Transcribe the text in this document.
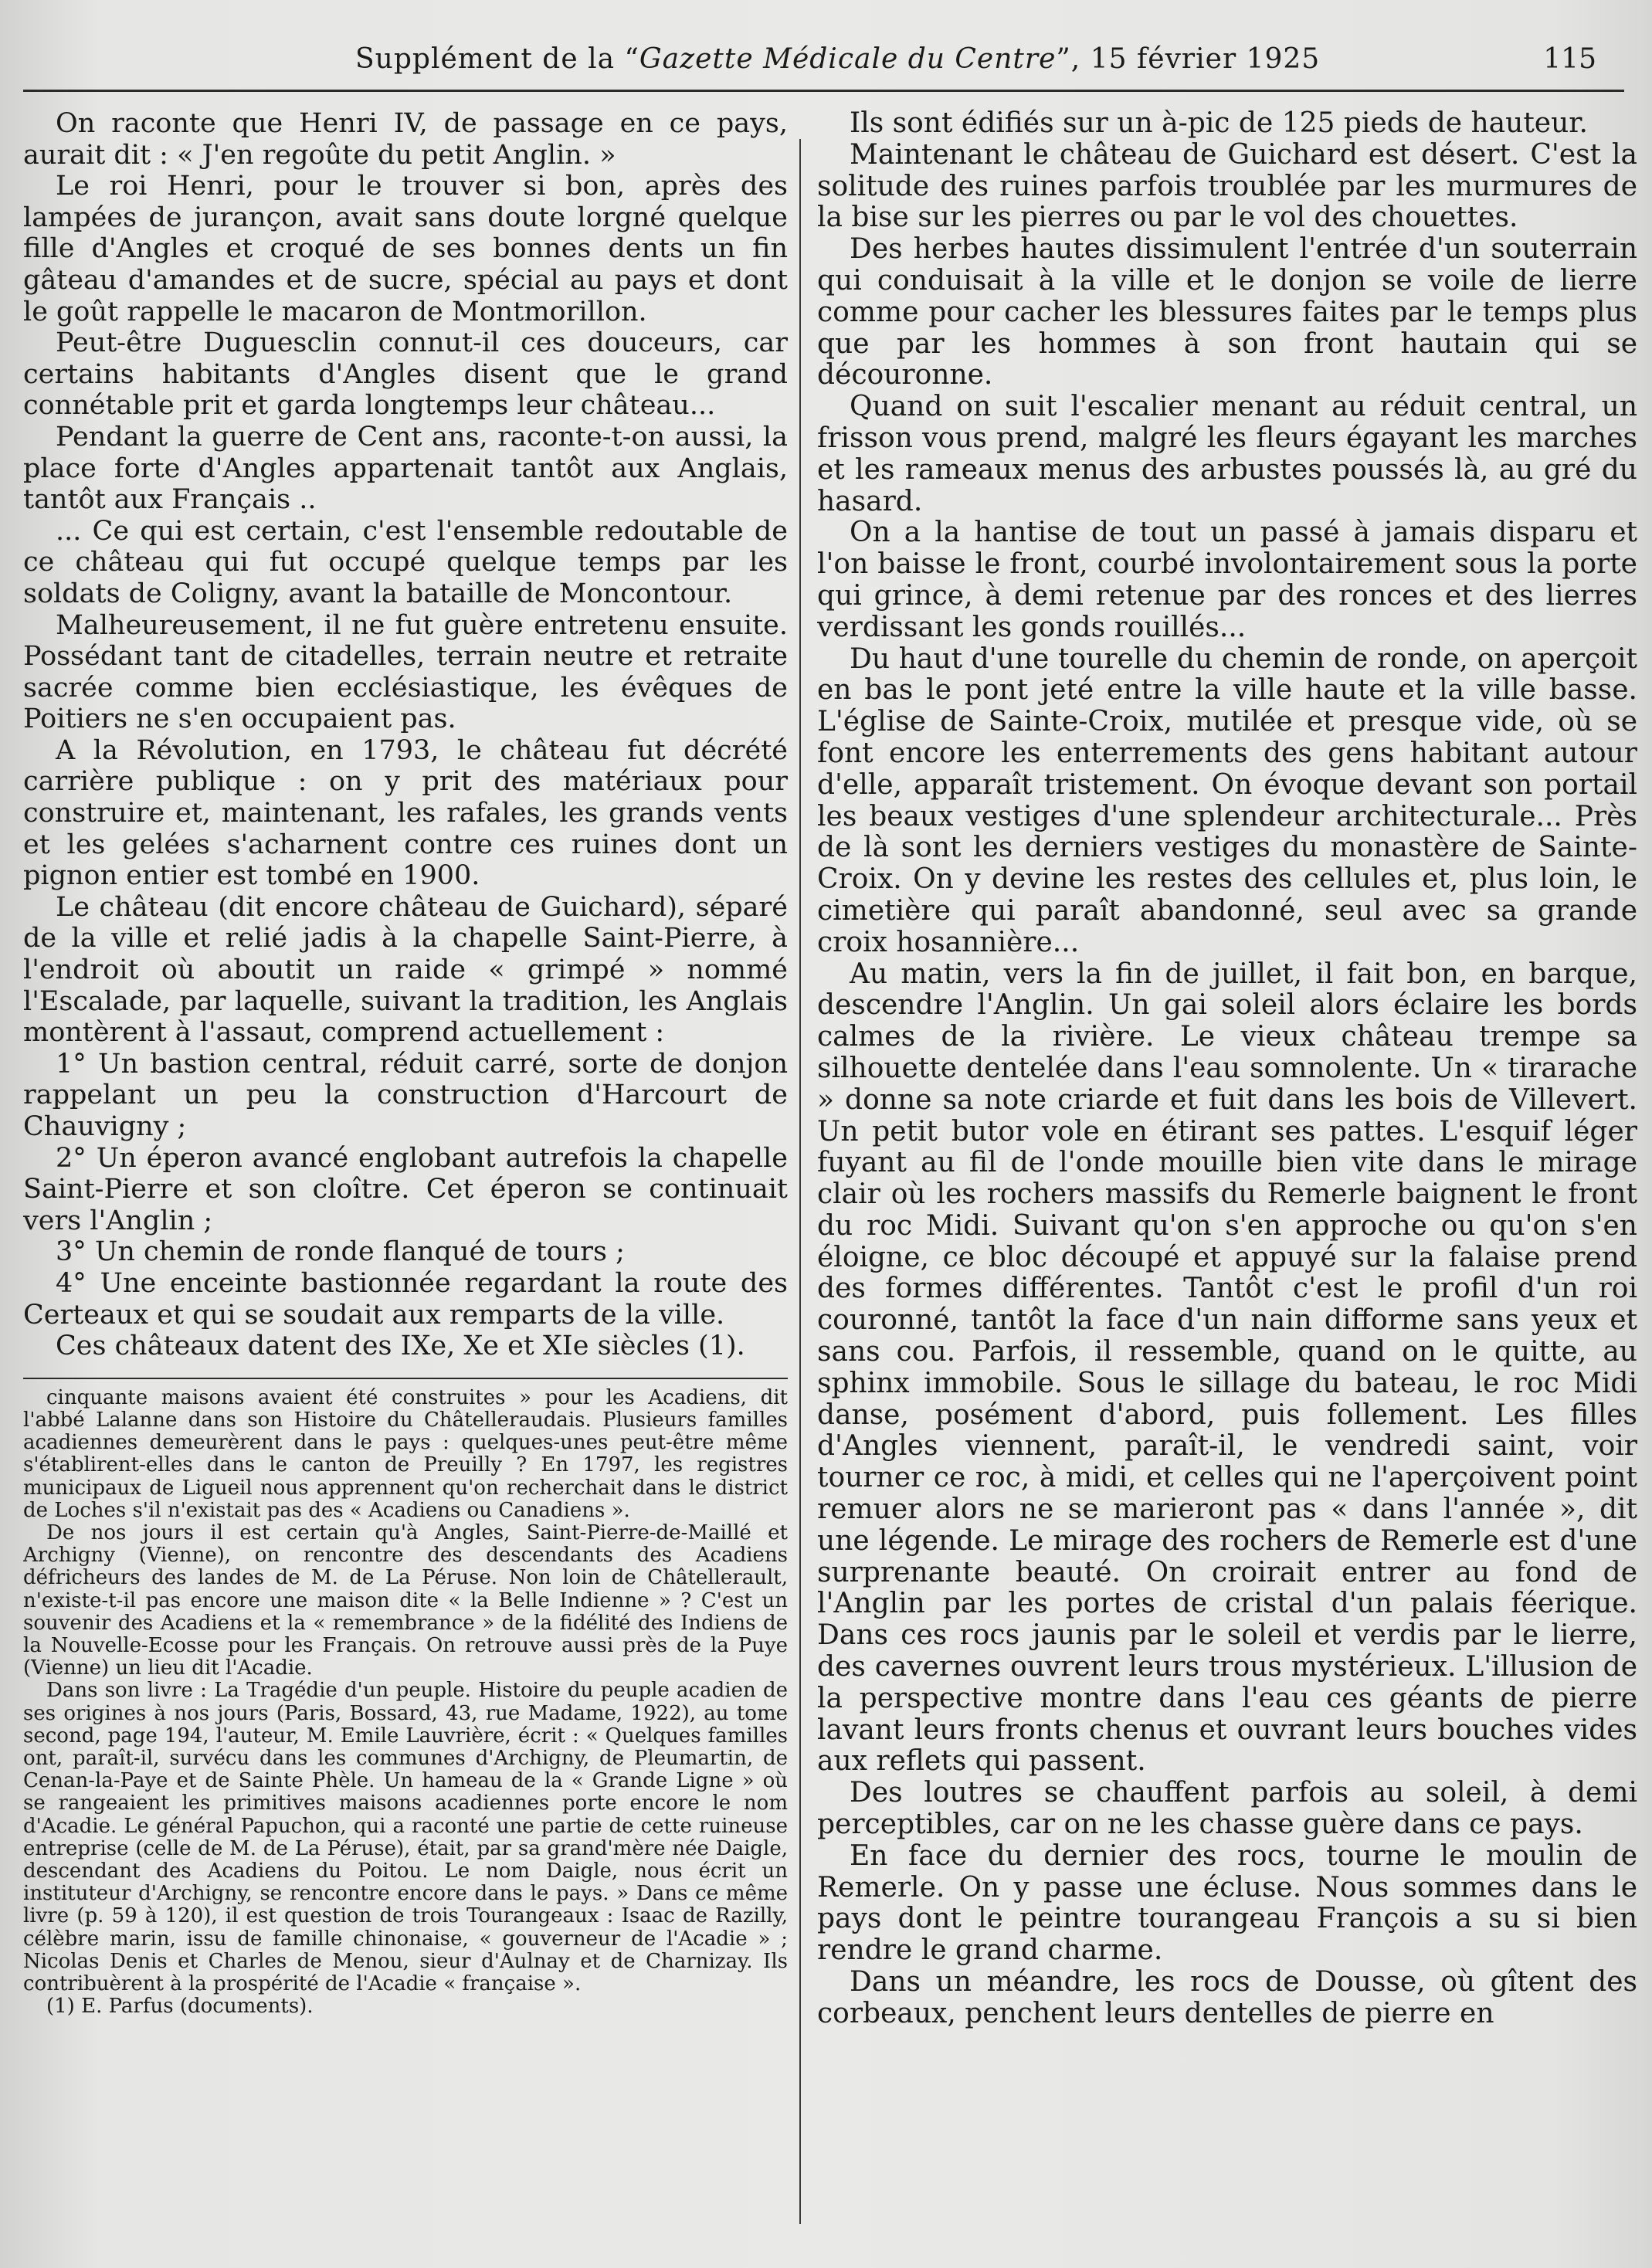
Supplément de la “Gazette Médicale du Centre”, 15 février 1925	115

On raconte que Henri IV, de passage en ce pays, aurait dit : « J'en regoûte du petit Anglin. »

Le roi Henri, pour le trouver si bon, après des lampées de jurançon, avait sans doute lorgné quelque fille d'Angles et croqué de ses bonnes dents un fin gâteau d'amandes et de sucre, spécial au pays et dont le goût rappelle le macaron de Montmorillon.

Peut-être Duguesclin connut-il ces douceurs, car certains habitants d'Angles disent que le grand connétable prit et garda longtemps leur château...

Pendant la guerre de Cent ans, raconte-t-on aussi, la place forte d'Angles appartenait tantôt aux Anglais, tantôt aux Français ..

... Ce qui est certain, c'est l'ensemble redoutable de ce château qui fut occupé quelque temps par les soldats de Coligny, avant la bataille de Moncontour.

Malheureusement, il ne fut guère entretenu ensuite. Possédant tant de citadelles, terrain neutre et retraite sacrée comme bien ecclésiastique, les évêques de Poitiers ne s'en occupaient pas.

A la Révolution, en 1793, le château fut décrété carrière publique : on y prit des matériaux pour construire et, maintenant, les rafales, les grands vents et les gelées s'acharnent contre ces ruines dont un pignon entier est tombé en 1900.

Le château (dit encore château de Guichard), séparé de la ville et relié jadis à la chapelle Saint-Pierre, à l'endroit où aboutit un raide « grimpé » nommé l'Escalade, par laquelle, suivant la tradition, les Anglais montèrent à l'assaut, comprend actuellement :

1° Un bastion central, réduit carré, sorte de donjon rappelant un peu la construction d'Harcourt de Chauvigny ;

2° Un éperon avancé englobant autrefois la chapelle Saint-Pierre et son cloître. Cet éperon se continuait vers l'Anglin ;

3° Un chemin de ronde flanqué de tours ;

4° Une enceinte bastionnée regardant la route des Certeaux et qui se soudait aux remparts de la ville.

Ces châteaux datent des IXe, Xe et XIe siècles (1).

cinquante maisons avaient été construites » pour les Acadiens, dit l'abbé Lalanne dans son Histoire du Châtelleraudais. Plusieurs familles acadiennes demeurèrent dans le pays : quelques-unes peut-être même s'établirent-elles dans le canton de Preuilly ? En 1797, les registres municipaux de Ligueil nous apprennent qu'on recherchait dans le district de Loches s'il n'existait pas des « Acadiens ou Canadiens ».

De nos jours il est certain qu'à Angles, Saint-Pierre-de-Maillé et Archigny (Vienne), on rencontre des descendants des Acadiens défricheurs des landes de M. de La Péruse. Non loin de Châtellerault, n'existe-t-il pas encore une maison dite « la Belle Indienne » ? C'est un souvenir des Acadiens et la « remembrance » de la fidélité des Indiens de la Nouvelle-Ecosse pour les Français. On retrouve aussi près de la Puye (Vienne) un lieu dit l'Acadie.

Dans son livre : La Tragédie d'un peuple. Histoire du peuple acadien de ses origines à nos jours (Paris, Bossard, 43, rue Madame, 1922), au tome second, page 194, l'auteur, M. Emile Lauvrière, écrit : « Quelques familles ont, paraît-il, survécu dans les communes d'Archigny, de Pleumartin, de Cenan-la-Paye et de Sainte Phèle. Un hameau de la « Grande Ligne » où se rangeaient les primitives maisons acadiennes porte encore le nom d'Acadie. Le général Papuchon, qui a raconté une partie de cette ruineuse entreprise (celle de M. de La Péruse), était, par sa grand'mère née Daigle, descendant des Acadiens du Poitou. Le nom Daigle, nous écrit un instituteur d'Archigny, se rencontre encore dans le pays. » Dans ce même livre (p. 59 à 120), il est question de trois Tourangeaux : Isaac de Razilly, célèbre marin, issu de famille chinonaise, « gouverneur de l'Acadie » ; Nicolas Denis et Charles de Menou, sieur d'Aulnay et de Charnizay. Ils contribuèrent à la prospérité de l'Acadie « française ».

(1) E. Parfus (documents).

Ils sont édifiés sur un à-pic de 125 pieds de hauteur.

Maintenant le château de Guichard est désert. C'est la solitude des ruines parfois troublée par les murmures de la bise sur les pierres ou par le vol des chouettes.

Des herbes hautes dissimulent l'entrée d'un souterrain qui conduisait à la ville et le donjon se voile de lierre comme pour cacher les blessures faites par le temps plus que par les hommes à son front hautain qui se découronne.

Quand on suit l'escalier menant au réduit central, un frisson vous prend, malgré les fleurs égayant les marches et les rameaux menus des arbustes poussés là, au gré du hasard.

On a la hantise de tout un passé à jamais disparu et l'on baisse le front, courbé involontairement sous la porte qui grince, à demi retenue par des ronces et des lierres verdissant les gonds rouillés...

Du haut d'une tourelle du chemin de ronde, on aperçoit en bas le pont jeté entre la ville haute et la ville basse. L'église de Sainte-Croix, mutilée et presque vide, où se font encore les enterrements des gens habitant autour d'elle, apparaît tristement. On évoque devant son portail les beaux vestiges d'une splendeur architecturale... Près de là sont les derniers vestiges du monastère de Sainte-Croix. On y devine les restes des cellules et, plus loin, le cimetière qui paraît abandonné, seul avec sa grande croix hosannière...

Au matin, vers la fin de juillet, il fait bon, en barque, descendre l'Anglin. Un gai soleil alors éclaire les bords calmes de la rivière. Le vieux château trempe sa silhouette dentelée dans l'eau somnolente. Un « tirarache » donne sa note criarde et fuit dans les bois de Villevert. Un petit butor vole en étirant ses pattes. L'esquif léger fuyant au fil de l'onde mouille bien vite dans le mirage clair où les rochers massifs du Remerle baignent le front du roc Midi. Suivant qu'on s'en approche ou qu'on s'en éloigne, ce bloc découpé et appuyé sur la falaise prend des formes différentes. Tantôt c'est le profil d'un roi couronné, tantôt la face d'un nain difforme sans yeux et sans cou. Parfois, il ressemble, quand on le quitte, au sphinx immobile. Sous le sillage du bateau, le roc Midi danse, posément d'abord, puis follement. Les filles d'Angles viennent, paraît-il, le vendredi saint, voir tourner ce roc, à midi, et celles qui ne l'aperçoivent point remuer alors ne se marieront pas « dans l'année », dit une légende. Le mirage des rochers de Remerle est d'une surprenante beauté. On croirait entrer au fond de l'Anglin par les portes de cristal d'un palais féerique. Dans ces rocs jaunis par le soleil et verdis par le lierre, des cavernes ouvrent leurs trous mystérieux. L'illusion de la perspective montre dans l'eau ces géants de pierre lavant leurs fronts chenus et ouvrant leurs bouches vides aux reflets qui passent.

Des loutres se chauffent parfois au soleil, à demi perceptibles, car on ne les chasse guère dans ce pays.

En face du dernier des rocs, tourne le moulin de Remerle. On y passe une écluse. Nous sommes dans le pays dont le peintre tourangeau François a su si bien rendre le grand charme.

Dans un méandre, les rocs de Dousse, où gîtent des corbeaux, penchent leurs dentelles de pierre en
